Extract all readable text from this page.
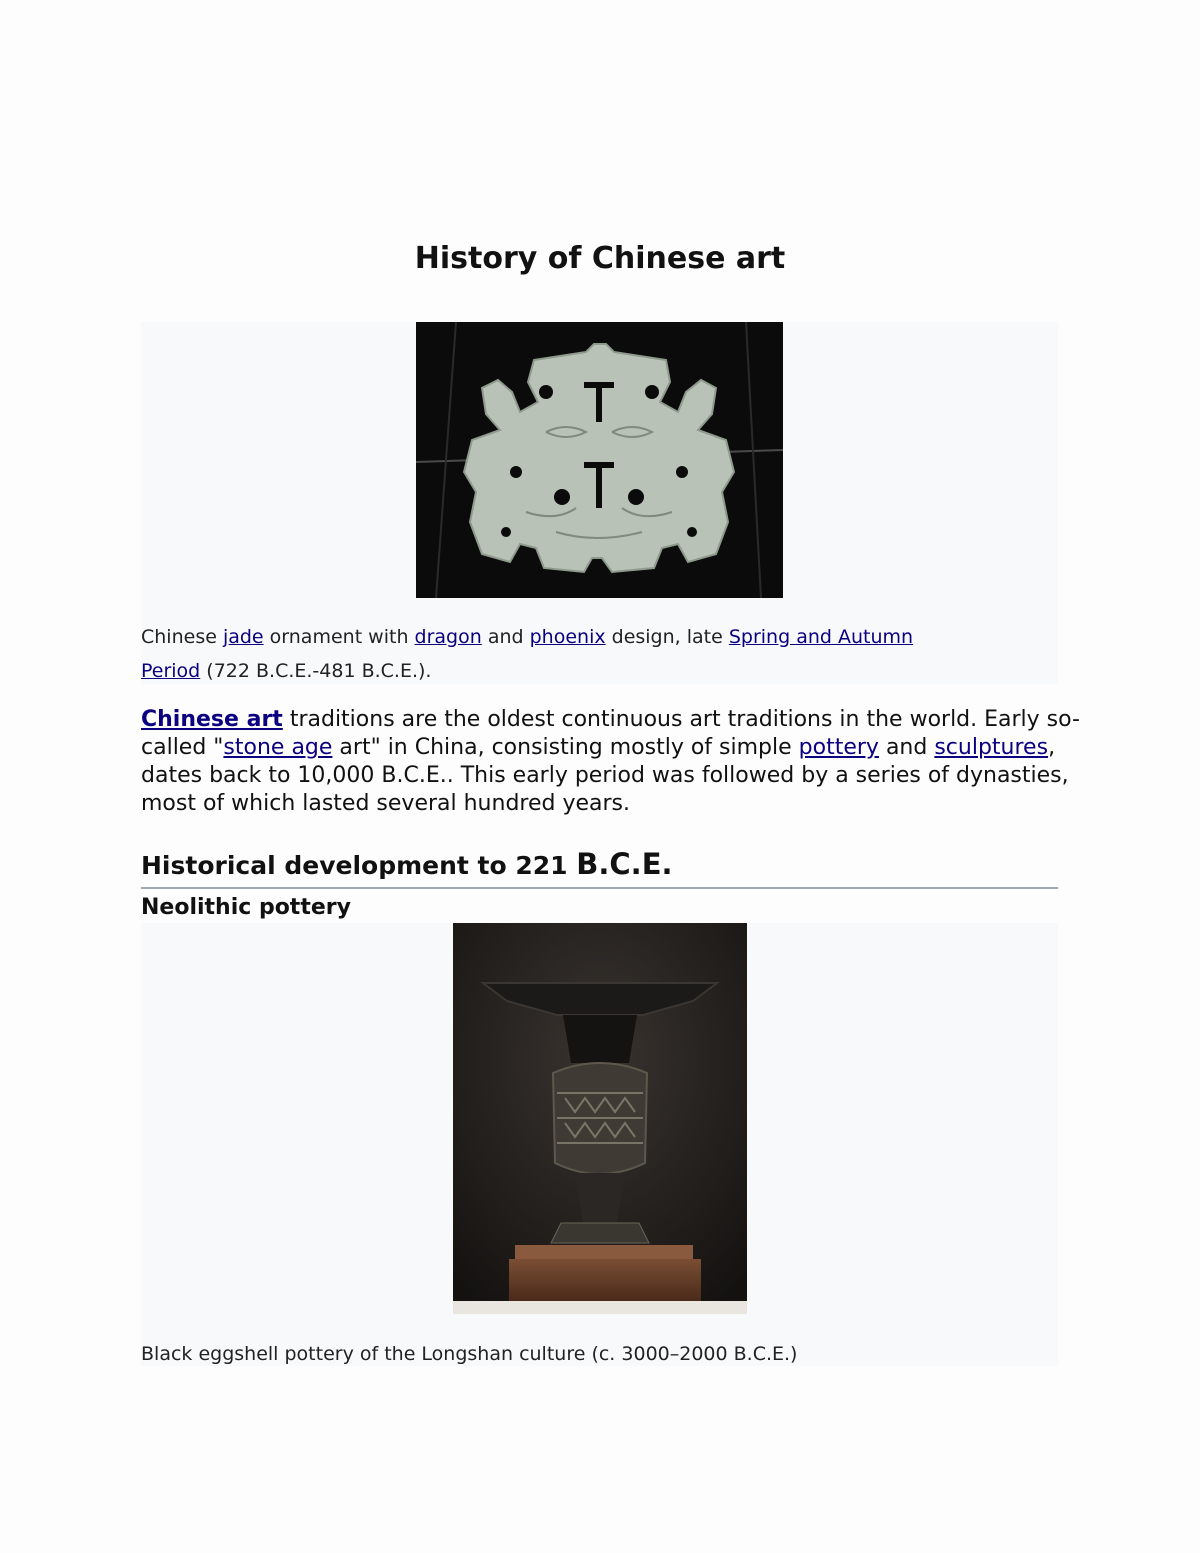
History of Chinese art
Chinese jade ornament with dragon and phoenix design, late Spring and Autumn
Period (722 B.C.E.-481 B.C.E.).

Chinese art traditions are the oldest continuous art traditions in the world. Early so-called "stone age art" in China, consisting mostly of simple pottery and sculptures, dates back to 10,000 B.C.E.. This early period was followed by a series of dynasties, most of which lasted several hundred years.

Historical development to 221 B.C.E.
Neolithic pottery
Black eggshell pottery of the Longshan culture (c. 3000–2000 B.C.E.)
